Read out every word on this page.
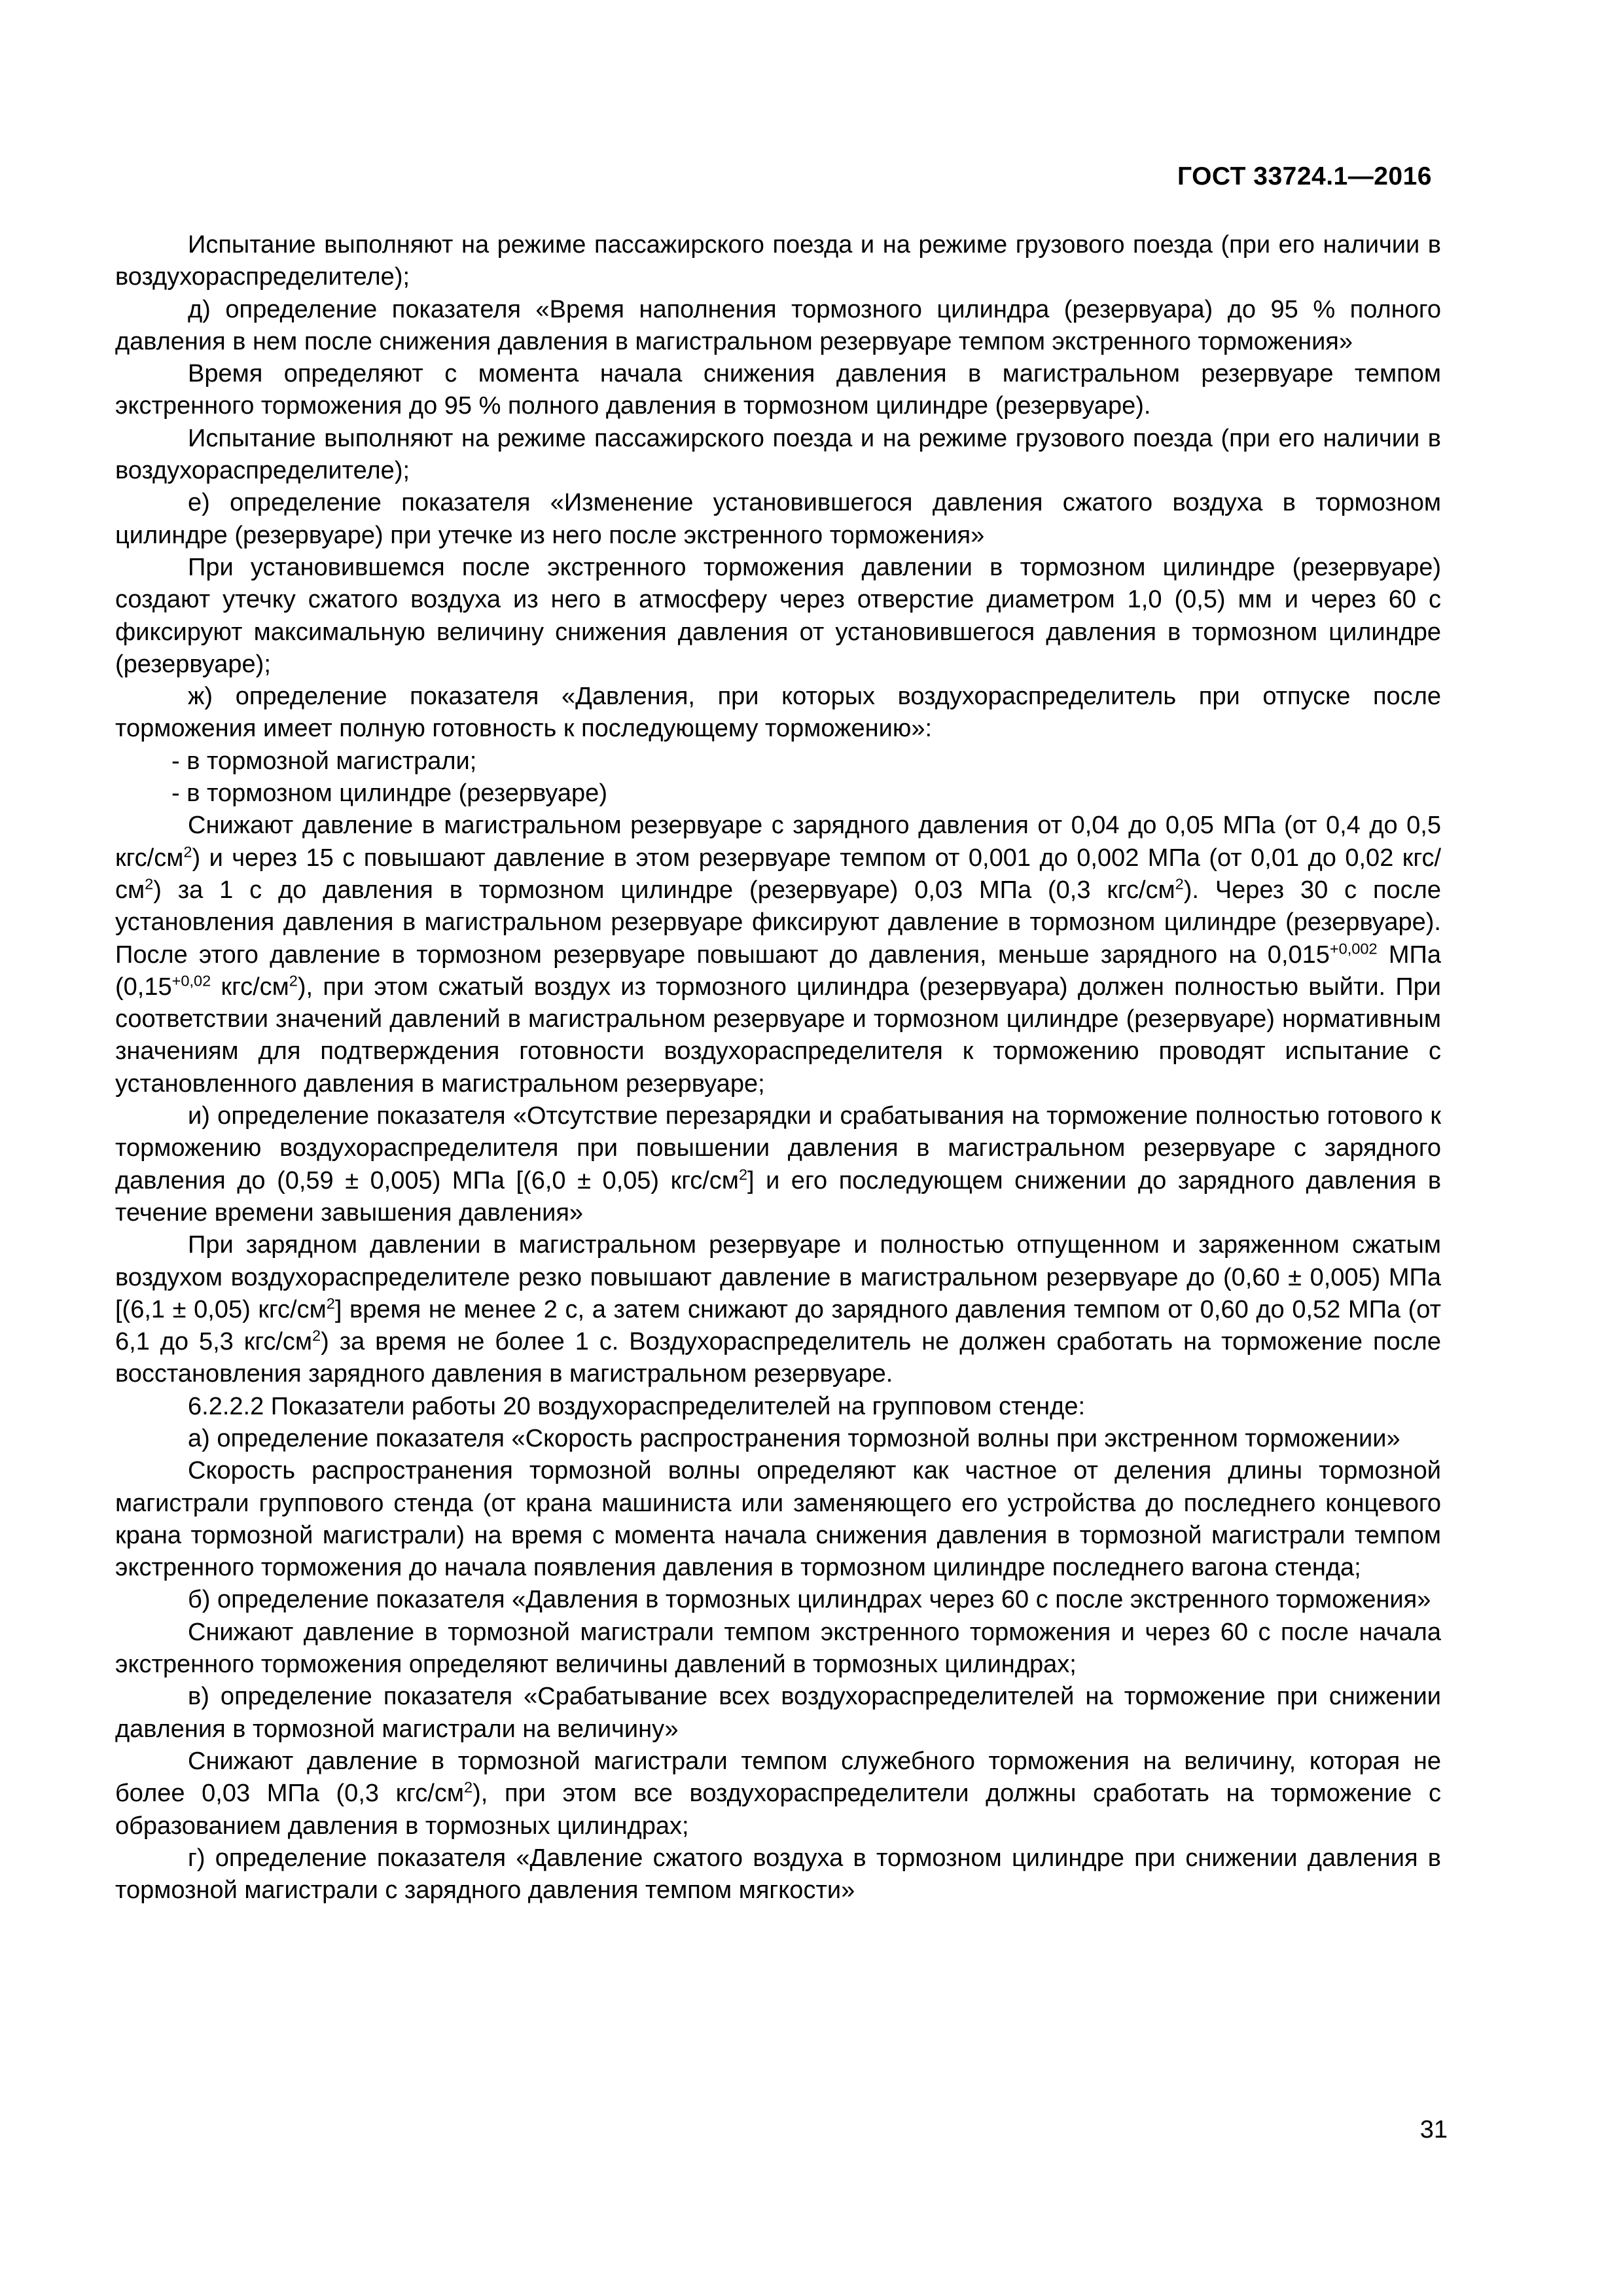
ГОСТ 33724.1—2016

Испытание выполняют на режиме пассажирского поезда и на режиме грузового поезда (при его наличии в воздухораспределителе);

д) определение показателя «Время наполнения тормозного цилиндра (резервуара) до 95 % полного давления в нем после снижения давления в магистральном резервуаре темпом экстренного торможения»

Время определяют с момента начала снижения давления в магистральном резервуаре темпом экстренного торможения до 95 % полного давления в тормозном цилиндре (резервуаре).

Испытание выполняют на режиме пассажирского поезда и на режиме грузового поезда (при его наличии в воздухораспределителе);

е) определение показателя «Изменение установившегося давления сжатого воздуха в тормозном цилиндре (резервуаре) при утечке из него после экстренного торможения»

При установившемся после экстренного торможения давлении в тормозном цилиндре (резервуаре) создают утечку сжатого воздуха из него в атмосферу через отверстие диаметром 1,0 (0,5) мм и через 60 с фиксируют максимальную величину снижения давления от установившегося давления в тормозном цилиндре (резервуаре);

ж) определение показателя «Давления, при которых воздухораспределитель при отпуске после торможения имеет полную готовность к последующему торможению»:

- в тормозной магистрали;

- в тормозном цилиндре (резервуаре)

Снижают давление в магистральном резервуаре с зарядного давления от 0,04 до 0,05 МПа (от 0,4 до 0,5 кгс/$см^2$) и через 15 с повышают давление в этом резервуаре темпом от 0,001 до 0,002 МПа (от 0,01 до 0,02 кгс/$см^2$) за 1 с до давления в тормозном цилиндре (резервуаре) 0,03 МПа (0,3 кгс/$см^2$). Через 30 с после установления давления в магистральном резервуаре фиксируют давление в тормозном цилиндре (резервуаре). После этого давление в тормозном резервуаре повышают до давления, меньше зарядного на $0,015^{+0,002}$ МПа ($0,15^{+0,02}$ кгс/$см^2$), при этом сжатый воздух из тормозного цилиндра (резервуара) должен полностью выйти. При соответствии значений давлений в магистральном резервуаре и тормозном цилиндре (резервуаре) нормативным значениям для подтверждения готовности воздухораспределителя к торможению проводят испытание с установленного давления в магистральном резервуаре;

и) определение показателя «Отсутствие перезарядки и срабатывания на торможение полностью готового к торможению воздухораспределителя при повышении давления в магистральном резервуаре с зарядного давления до (0,59 ± 0,005) МПа [(6,0 ± 0,05) кгс/$см^2$] и его последующем снижении до зарядного давления в течение времени завышения давления»

При зарядном давлении в магистральном резервуаре и полностью отпущенном и заряженном сжатым воздухом воздухораспределителе резко повышают давление в магистральном резервуаре до (0,60 ± 0,005) МПа [(6,1 ± 0,05) кгс/$см^2$] время не менее 2 с, а затем снижают до зарядного давления темпом от 0,60 до 0,52 МПа (от 6,1 до 5,3 кгс/$см^2$) за время не более 1 с. Воздухораспределитель не должен сработать на торможение после восстановления зарядного давления в магистральном резервуаре.

6.2.2.2 Показатели работы 20 воздухораспределителей на групповом стенде:

а) определение показателя «Скорость распространения тормозной волны при экстренном торможении»

Скорость распространения тормозной волны определяют как частное от деления длины тормозной магистрали группового стенда (от крана машиниста или заменяющего его устройства до последнего концевого крана тормозной магистрали) на время с момента начала снижения давления в тормозной магистрали темпом экстренного торможения до начала появления давления в тормозном цилиндре последнего вагона стенда;

б) определение показателя «Давления в тормозных цилиндрах через 60 с после экстренного торможения»

Снижают давление в тормозной магистрали темпом экстренного торможения и через 60 с после начала экстренного торможения определяют величины давлений в тормозных цилиндрах;

в) определение показателя «Срабатывание всех воздухораспределителей на торможение при снижении давления в тормозной магистрали на величину»

Снижают давление в тормозной магистрали темпом служебного торможения на величину, которая не более 0,03 МПа (0,3 кгс/$см^2$), при этом все воздухораспределители должны сработать на торможение с образованием давления в тормозных цилиндрах;

г) определение показателя «Давление сжатого воздуха в тормозном цилиндре при снижении давления в тормозной магистрали с зарядного давления темпом мягкости»

31
